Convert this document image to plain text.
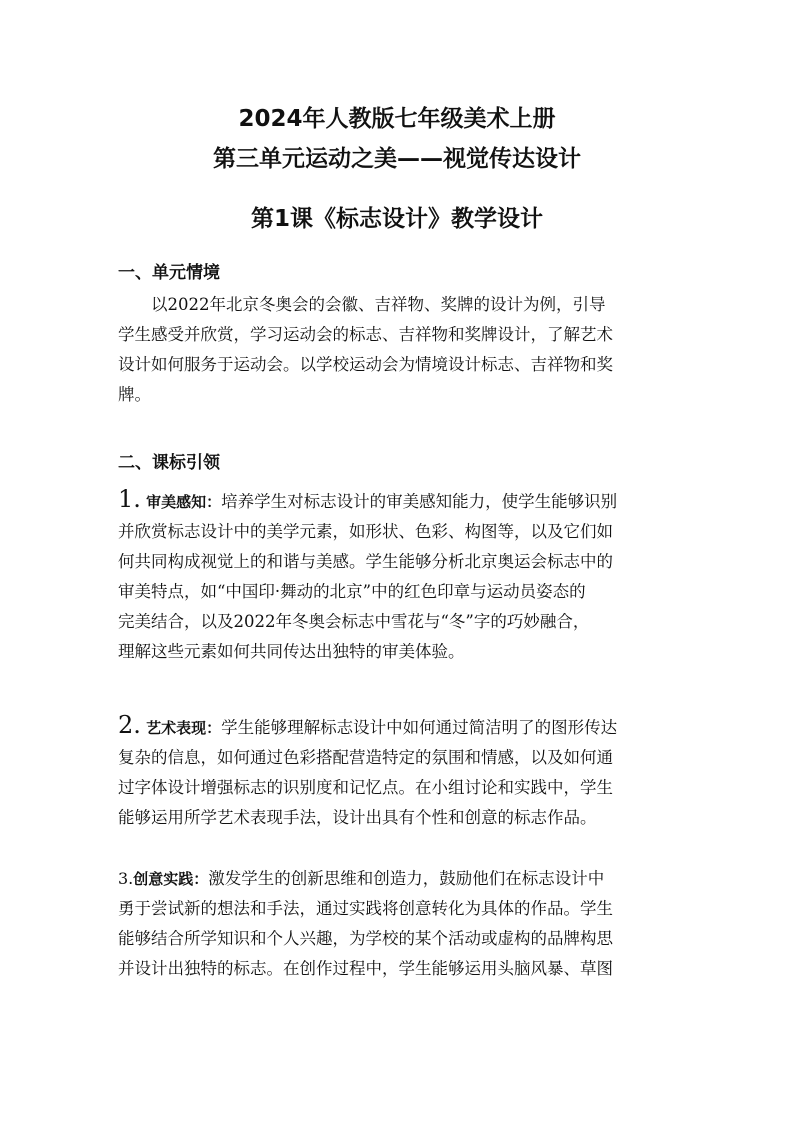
2024年人教版七年级美术上册
第三单元运动之美——视觉传达设计
第1课《标志设计》教学设计
一、单元情境
以2022年北京冬奥会的会徽、吉祥物、奖牌的设计为例，引导
学生感受并欣赏，学习运动会的标志、吉祥物和奖牌设计，了解艺术
设计如何服务于运动会。以学校运动会为情境设计标志、吉祥物和奖
牌。
二、课标引领
1. 审美感知：培养学生对标志设计的审美感知能力，使学生能够识别
并欣赏标志设计中的美学元素，如形状、色彩、构图等，以及它们如
何共同构成视觉上的和谐与美感。学生能够分析北京奥运会标志中的
审美特点，如“中国印·舞动的北京”中的红色印章与运动员姿态的
完美结合，以及2022年冬奥会标志中雪花与“冬”字的巧妙融合，
理解这些元素如何共同传达出独特的审美体验。
2. 艺术表现：学生能够理解标志设计中如何通过简洁明了的图形传达
复杂的信息，如何通过色彩搭配营造特定的氛围和情感，以及如何通
过字体设计增强标志的识别度和记忆点。在小组讨论和实践中，学生
能够运用所学艺术表现手法，设计出具有个性和创意的标志作品。
3.创意实践：激发学生的创新思维和创造力，鼓励他们在标志设计中
勇于尝试新的想法和手法，通过实践将创意转化为具体的作品。学生
能够结合所学知识和个人兴趣，为学校的某个活动或虚构的品牌构思
并设计出独特的标志。在创作过程中，学生能够运用头脑风暴、草图
